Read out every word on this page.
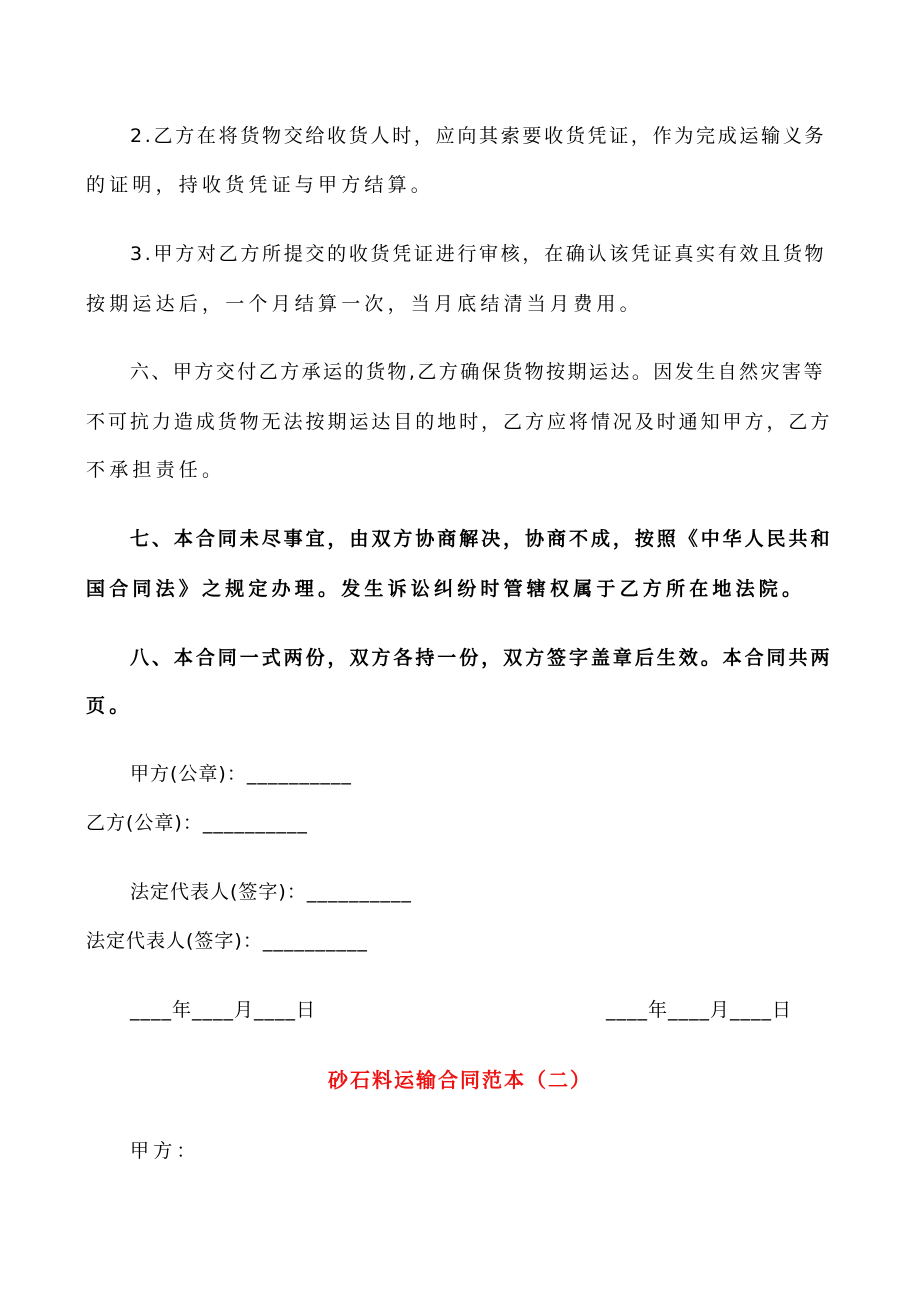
2.乙方在将货物交给收货人时，应向其索要收货凭证，作为完成运输义务
的证明，持收货凭证与甲方结算。
3.甲方对乙方所提交的收货凭证进行审核，在确认该凭证真实有效且货物
按期运达后，一个月结算一次，当月底结清当月费用。
六、甲方交付乙方承运的货物,乙方确保货物按期运达。因发生自然灾害等
不可抗力造成货物无法按期运达目的地时，乙方应将情况及时通知甲方，乙方
不承担责任。
七、本合同未尽事宜，由双方协商解决，协商不成，按照《中华人民共和
国合同法》之规定办理。发生诉讼纠纷时管辖权属于乙方所在地法院。
八、本合同一式两份，双方各持一份，双方签字盖章后生效。本合同共两
页。
甲方(公章)：__________
乙方(公章)：__________
法定代表人(签字)：__________
法定代表人(签字)：__________
____年____月____日	____年____月____日
砂石料运输合同范本（二）
甲方：
